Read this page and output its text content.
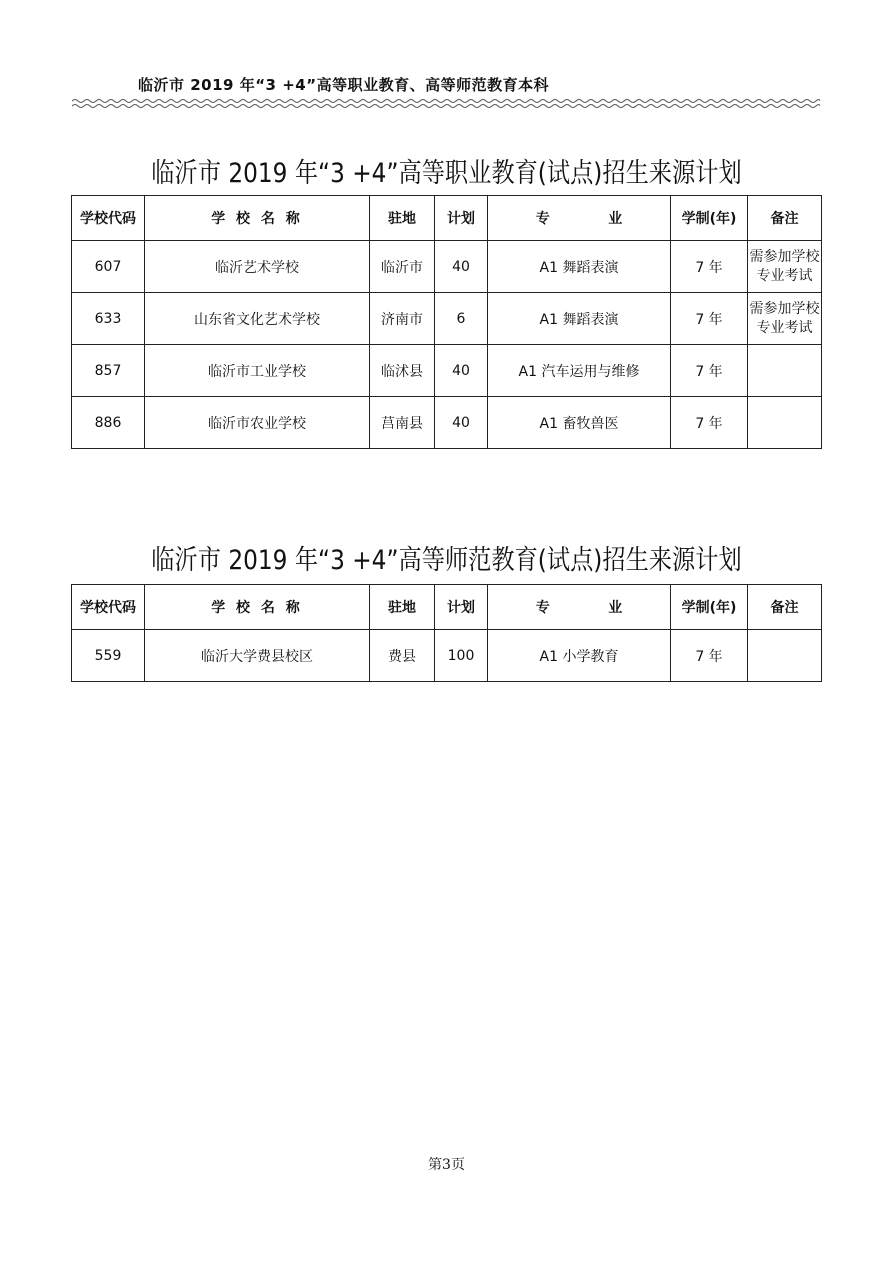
临沂市 2019 年“3 +4”高等职业教育、高等师范教育本科
临沂市 2019 年“3 +4”高等职业教育(试点)招生来源计划
学校代码	学 校 名 称	驻地	计划	专            业	学制(年)	备注
607	临沂艺术学校	临沂市	40	A1 舞蹈表演	7 年	需参加学校专业考试
633	山东省文化艺术学校	济南市	6	A1 舞蹈表演	7 年	需参加学校专业考试
857	临沂市工业学校	临沭县	40	A1 汽车运用与维修	7 年	
886	临沂市农业学校	莒南县	40	A1 畜牧兽医	7 年	
临沂市 2019 年“3 +4”高等师范教育(试点)招生来源计划
学校代码	学 校 名 称	驻地	计划	专            业	学制(年)	备注
559	临沂大学费县校区	费县	100	A1 小学教育	7 年	
第3页
